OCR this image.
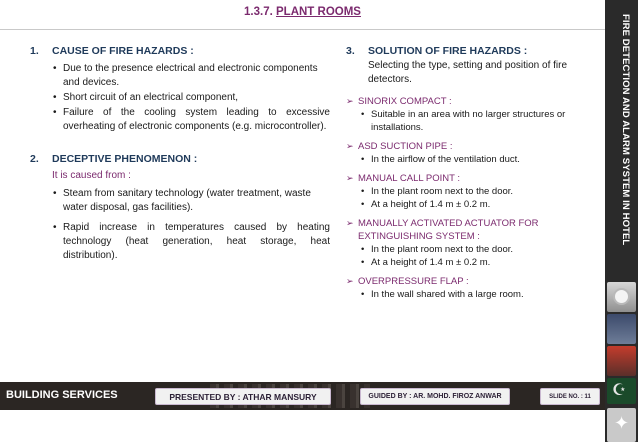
1.3.7. PLANT ROOMS
1.	CAUSE OF FIRE HAZARDS :
• Due to the presence electrical and electronic components and devices.
• Short circuit of an electrical component,
• Failure of the cooling system leading to excessive overheating of electronic components (e.g. microcontroller).
2.	DECEPTIVE PHENOMENON :
It is caused from :
• Steam from sanitary technology (water treatment, waste water disposal, gas facilities).
• Rapid increase in temperatures caused by heating technology (heat generation, heat storage, heat distribution).
3.	SOLUTION OF FIRE HAZARDS :
Selecting the type, setting and position of fire detectors.
➢ SINORIX COMPACT :
• Suitable in an area with no larger structures or installations.
➢ ASD SUCTION PIPE :
• In the airflow of the ventilation duct.
➢ MANUAL CALL POINT :
• In the plant room next to the door.
• At a height of 1.4 m ± 0.2 m.
➢ MANUALLY ACTIVATED ACTUATOR FOR EXTINGUISHING SYSTEM :
• In the plant room next to the door.
• At a height of 1.4 m ± 0.2 m.
➢ OVERPRESSURE FLAP :
• In the wall shared with a large room.
BUILDING SERVICES	PRESENTED BY : ATHAR MANSURY	GUIDED BY : AR. MOHD. FIROZ ANWAR	SLIDE NO. : 11
FIRE DETECTION AND ALARM SYSTEM IN HOTEL
☪
✦
